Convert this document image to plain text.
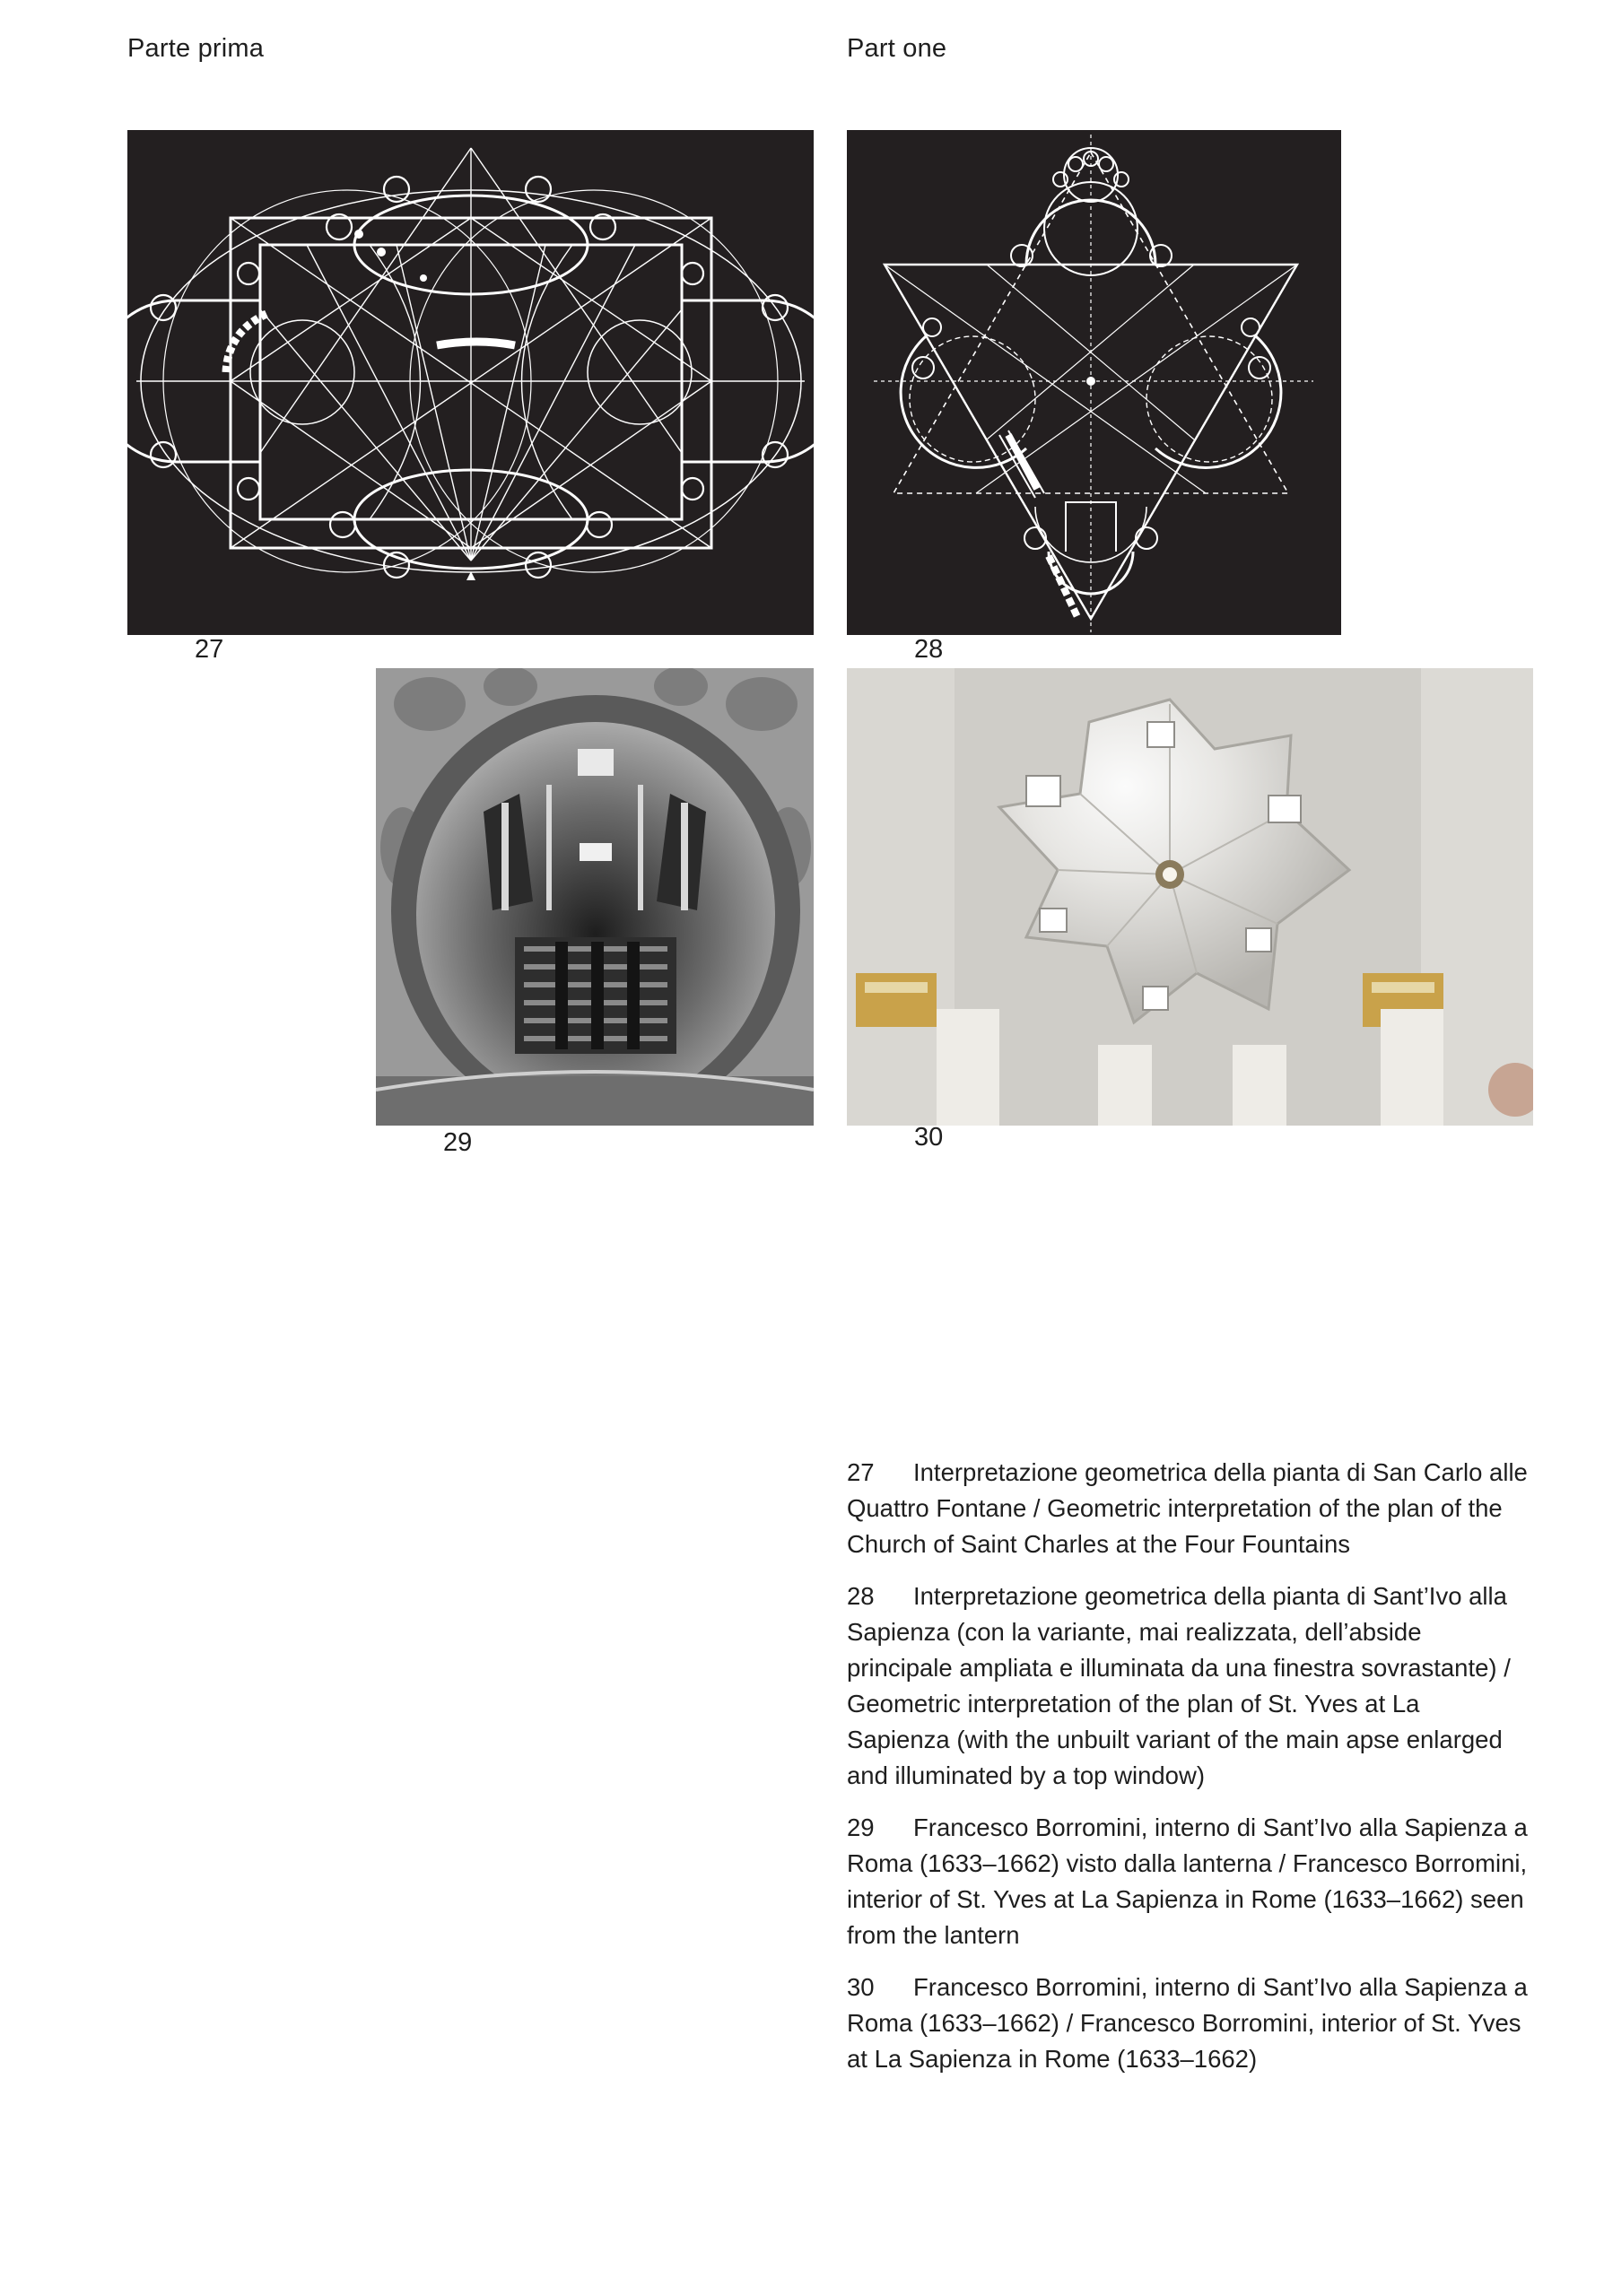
Parte prima	Part one
27	28
29	30

27 Interpretazione geometrica della pianta di San Carlo alle Quattro Fontane / Geometric interpretation of the plan of the Church of Saint Charles at the Four Fountains

28 Interpretazione geometrica della pianta di Sant’Ivo alla Sapienza (con la variante, mai realizzata, dell’abside principale ampliata e illuminata da una finestra sovrastante) / Geometric interpretation of the plan of St. Yves at La Sapienza (with the unbuilt variant of the main apse enlarged and illuminated by a top window)

29 Francesco Borromini, interno di Sant’Ivo alla Sapienza a Roma (1633–1662) visto dalla lanterna / Francesco Borromini, interior of St. Yves at La Sapienza in Rome (1633–1662) seen from the lantern

30 Francesco Borromini, interno di Sant’Ivo alla Sapienza a Roma (1633–1662) / Francesco Borromini, interior of St. Yves at La Sapienza in Rome (1633–1662)
